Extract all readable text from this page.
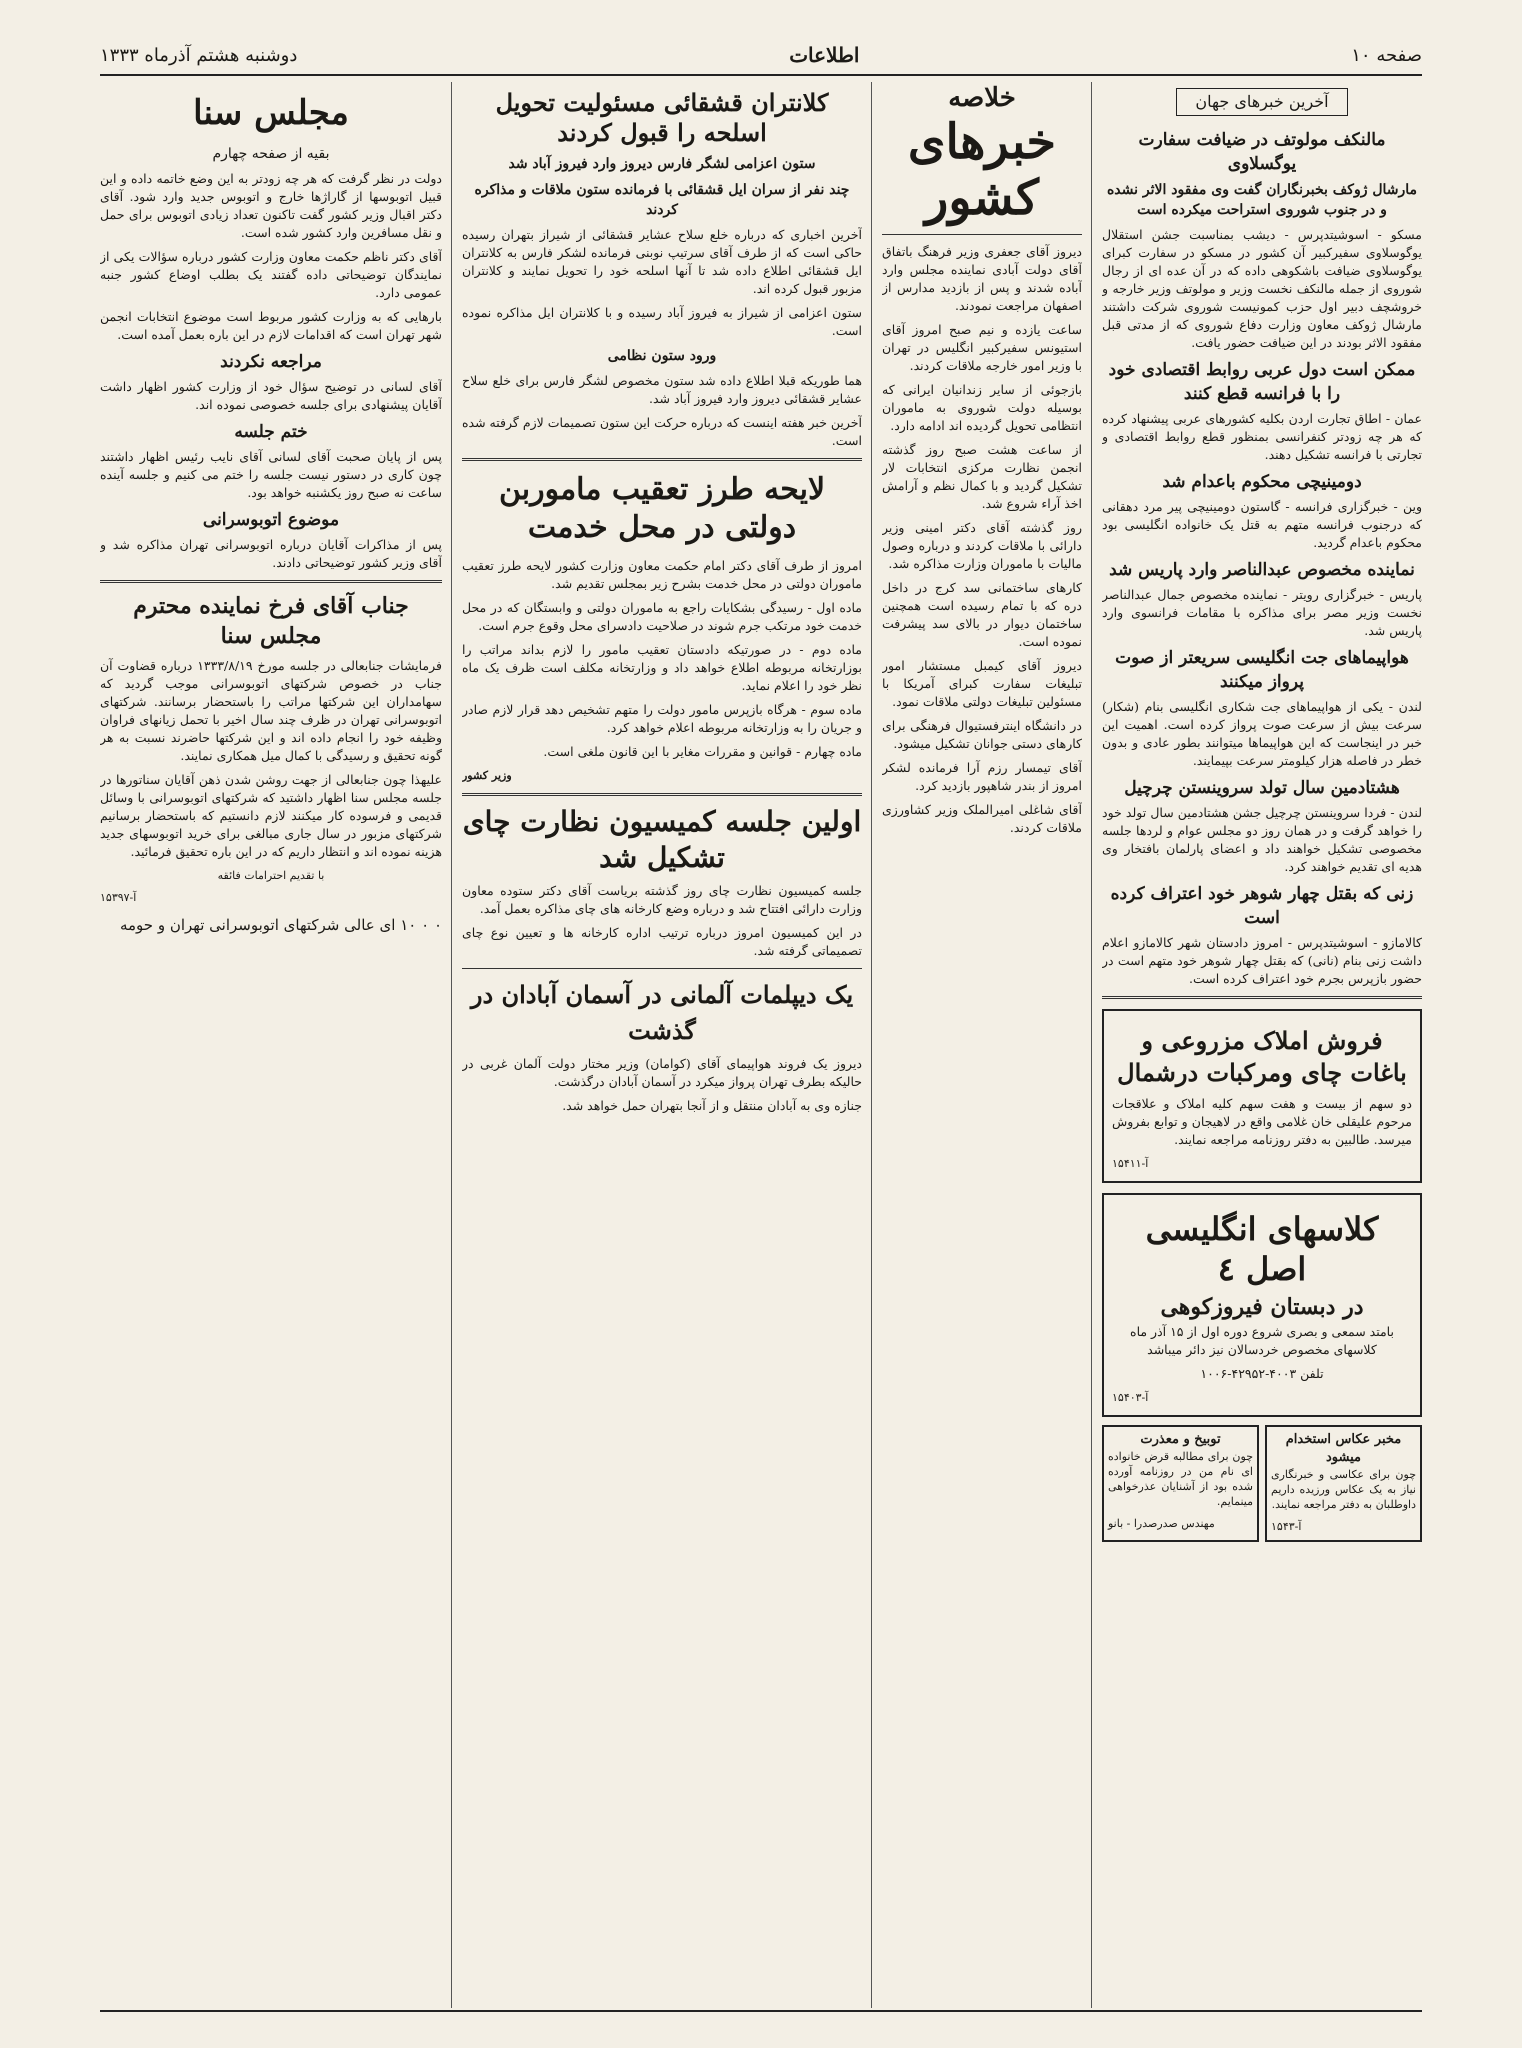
صفحه ۱۰
اطلاعات
دوشنبه هشتم آذرماه ۱۳۳۳
آخرین خبرهای جهان
مالنکف مولوتف در ضیافت سفارت یوگسلاوی
مارشال ژوکف بخبرنگاران گفت وی مفقود الاثر نشده و در جنوب شوروی استراحت میکرده است

مسکو - اسوشیتدپرس - دیشب بمناسبت جشن استقلال یوگوسلاوی سفیرکبیر آن کشور در مسکو در سفارت کبرای یوگوسلاوی ضیافت باشکوهی داده که در آن عده ای از رجال شوروی از جمله مالنکف نخست وزیر و مولوتف وزیر خارجه و خروشچف دبیر اول حزب کمونیست شوروی شرکت داشتند مارشال ژوکف معاون وزارت دفاع شوروی که از مدتی قبل مفقود الاثر بودند در این ضیافت حضور یافت.

ممکن است دول عربی روابط اقتصادی خود را با فرانسه قطع کنند

عمان - اطاق تجارت اردن بکلیه کشورهای عربی پیشنهاد کرده که هر چه زودتر کنفرانسی بمنظور قطع روابط اقتصادی و تجارتی با فرانسه تشکیل دهند.

دومینیچی محکوم باعدام شد

وین - خبرگزاری فرانسه - گاستون دومینیچی پیر مرد دهقانی که درجنوب فرانسه متهم به قتل یک خانواده انگلیسی بود محکوم باعدام گردید.

نماینده مخصوص عبدالناصر وارد پاریس شد

پاریس - خبرگزاری رویتر - نماینده مخصوص جمال عبدالناصر نخست وزیر مصر برای مذاکره با مقامات فرانسوی وارد پاریس شد.

هواپیماهای جت انگلیسی سریعتر از صوت پرواز میکنند

لندن - یکی از هواپیماهای جت شکاری انگلیسی بنام (شکار) سرعت بیش از سرعت صوت پرواز کرده است. اهمیت این خبر در اینجاست که این هواپیماها میتوانند بطور عادی و بدون خطر در فاصله هزار کیلومتر سرعت بپیمایند.

هشتادمین سال تولد سروینستن چرچیل

لندن - فردا سروینستن چرچیل جشن هشتادمین سال تولد خود را خواهد گرفت و در همان روز دو مجلس عوام و لردها جلسه مخصوصی تشکیل خواهند داد و اعضای پارلمان بافتخار وی هدیه ای تقدیم خواهند کرد.

زنی که بقتل چهار شوهر خود اعتراف کرده است

کالامازو - اسوشیتدپرس - امروز دادستان شهر کالامازو اعلام داشت زنی بنام (نانی) که بقتل چهار شوهر خود متهم است در حضور بازپرس بجرم خود اعتراف کرده است.

فروش املاک مزروعی و باغات چای ومرکبات درشمال

دو سهم از بیست و هفت سهم کلیه املاک و علاقجات مرحوم علیقلی خان غلامی واقع در لاهیجان و توابع بفروش میرسد. طالبین به دفتر روزنامه مراجعه نمایند.

آ-۱۵۴۱۱
کلاسهای انگلیسی اصل ٤
در دبستان فیروزکوهی

بامتد سمعی و بصری شروع دوره اول از ۱۵ آذر ماه کلاسهای مخصوص خردسالان نیز دائر میباشد

تلفن ۴۰۰۳-۴۲۹۵۲-۱۰۰۶

آ-۱۵۴۰۳
مخبر عکاس استخدام میشود

چون برای عکاسی و خبرنگاری نیاز به یک عکاس ورزیده داریم داوطلبان به دفتر مراجعه نمایند.

آ-۱۵۴۳
توبیخ و معذرت

چون برای مطالبه قرض خانواده ای نام من در روزنامه آورده شده بود از آشنایان عذرخواهی مینمایم.

مهندس صدرصدرا - بانو
خلاصه
خبرهای کشور

دیروز آقای جعفری وزیر فرهنگ باتفاق آقای دولت آبادی نماینده مجلس وارد آباده شدند و پس از بازدید مدارس از اصفهان مراجعت نمودند.

ساعت یازده و نیم صبح امروز آقای استیونس سفیرکبیر انگلیس در تهران با وزیر امور خارجه ملاقات کردند.

بازجوئی از سایر زندانیان ایرانی که بوسیله دولت شوروی به ماموران انتظامی تحویل گردیده اند ادامه دارد.

از ساعت هشت صبح روز گذشته انجمن نظارت مرکزی انتخابات لار تشکیل گردید و با کمال نظم و آرامش اخذ آراء شروع شد.

روز گذشته آقای دکتر امینی وزیر دارائی با ملاقات کردند و درباره وصول مالیات با ماموران وزارت مذاکره شد.

کارهای ساختمانی سد کرج در داخل دره که با تمام رسیده است همچنین ساختمان دیوار در بالای سد پیشرفت نموده است.

دیروز آقای کیمبل مستشار امور تبلیغات سفارت کبرای آمریکا با مسئولین تبلیغات دولتی ملاقات نمود.

در دانشگاه اینترفستیوال فرهنگی برای کارهای دستی جوانان تشکیل میشود.

آقای تیمسار رزم آرا فرمانده لشکر امروز از بندر شاهپور بازدید کرد.

آقای شاغلی امیرالملک وزیر کشاورزی ملاقات کردند.

کلانتران قشقائی مسئولیت تحویل اسلحه را قبول کردند
ستون اعزامی لشگر فارس دیروز وارد فیروز آباد شد
چند نفر از سران ایل قشقائی با فرمانده ستون ملاقات و مذاکره کردند

آخرین اخباری که درباره خلع سلاح عشایر قشقائی از شیراز بتهران رسیده حاکی است که از طرف آقای سرتیپ نوبنی فرمانده لشکر فارس به کلانتران ایل قشقائی اطلاع داده شد تا آنها اسلحه خود را تحویل نمایند و کلانتران مزبور قبول کرده اند.

ستون اعزامی از شیراز به فیروز آباد رسیده و با کلانتران ایل مذاکره نموده است.

ورود ستون نظامی

هما طوریکه قبلا اطلاع داده شد ستون مخصوص لشگر فارس برای خلع سلاح عشایر قشقائی دیروز وارد فیروز آباد شد.

آخرین خبر هفته اینست که درباره حرکت این ستون تصمیمات لازم گرفته شده است.

لایحه طرز تعقیب ماموربن دولتی در محل خدمت

امروز از طرف آقای دکتر امام حکمت معاون وزارت کشور لایحه طرز تعقیب ماموران دولتی در محل خدمت بشرح زیر بمجلس تقدیم شد.

ماده اول - رسیدگی بشکایات راجع به ماموران دولتی و وابستگان که در محل خدمت خود مرتکب جرم شوند در صلاحیت دادسرای محل وقوع جرم است.

ماده دوم - در صورتیکه دادستان تعقیب مامور را لازم بداند مراتب را بوزارتخانه مربوطه اطلاع خواهد داد و وزارتخانه مکلف است ظرف یک ماه نظر خود را اعلام نماید.

ماده سوم - هرگاه بازپرس مامور دولت را متهم تشخیص دهد قرار لازم صادر و جریان را به وزارتخانه مربوطه اعلام خواهد کرد.

ماده چهارم - قوانین و مقررات مغایر با این قانون ملغی است.

وزیر کشور
اولین جلسه کمیسیون نظارت چای تشکیل شد

جلسه کمیسیون نظارت چای روز گذشته بریاست آقای دکتر ستوده معاون وزارت دارائی افتتاح شد و درباره وضع کارخانه های چای مذاکره بعمل آمد.

در این کمیسیون امروز درباره ترتیب اداره کارخانه ها و تعیین نوع چای تصمیماتی گرفته شد.

یک دیپلمات آلمانی در آسمان آبادان در گذشت

دیروز یک فروند هواپیمای آقای (کوامان) وزیر مختار دولت آلمان غربی در حالیکه بطرف تهران پرواز میکرد در آسمان آبادان درگذشت.

جنازه وی به آبادان منتقل و از آنجا بتهران حمل خواهد شد.

مجلس سنا
بقیه از صفحه چهارم

دولت در نظر گرفت که هر چه زودتر به این وضع خاتمه داده و این قبیل اتوبوسها از گاراژها خارج و اتوبوس جدید وارد شود. آقای دکتر اقبال وزیر کشور گفت تاکنون تعداد زیادی اتوبوس برای حمل و نقل مسافرین وارد کشور شده است.

آقای دکتر ناظم حکمت معاون وزارت کشور درباره سؤالات یکی از نمایندگان توضیحاتی داده گفتند یک بطلب اوضاع کشور جنبه عمومی دارد.

بارهایی که به وزارت کشور مربوط است موضوع انتخابات انجمن شهر تهران است که اقدامات لازم در این باره بعمل آمده است.

مراجعه نکردند

آقای لسانی در توضیح سؤال خود از وزارت کشور اظهار داشت آقایان پیشنهادی برای جلسه خصوصی نموده اند.

ختم جلسه

پس از پایان صحبت آقای لسانی آقای نایب رئیس اظهار داشتند چون کاری در دستور نیست جلسه را ختم می کنیم و جلسه آینده ساعت نه صبح روز یکشنبه خواهد بود.

موضوع اتوبوسرانی

پس از مذاکرات آقایان درباره اتوبوسرانی تهران مذاکره شد و آقای وزیر کشور توضیحاتی دادند.

جناب آقای فرخ نماینده محترم مجلس سنا

فرمایشات جنابعالی در جلسه مورخ ۱۳۳۳/۸/۱۹ درباره قضاوت آن جناب در خصوص شرکتهای اتوبوسرانی موجب گردید که سهامداران این شرکتها مراتب را باستحضار برسانند. شرکتهای اتوبوسرانی تهران در ظرف چند سال اخیر با تحمل زیانهای فراوان وظیفه خود را انجام داده اند و این شرکتها حاضرند نسبت به هر گونه تحقیق و رسیدگی با کمال میل همکاری نمایند.

علیهذا چون جنابعالی از جهت روشن شدن ذهن آقایان سناتورها در جلسه مجلس سنا اظهار داشتید که شرکتهای اتوبوسرانی با وسائل قدیمی و فرسوده کار میکنند لازم دانستیم که باستحضار برسانیم شرکتهای مزبور در سال جاری مبالغی برای خرید اتوبوسهای جدید هزینه نموده اند و انتظار داریم که در این باره تحقیق فرمائید.

با تقدیم احترامات فائقه
آ-۱۵۳۹۷
۰ ۰ ۱۰ ای عالی شرکتهای اتوبوسرانی تهران و حومه
